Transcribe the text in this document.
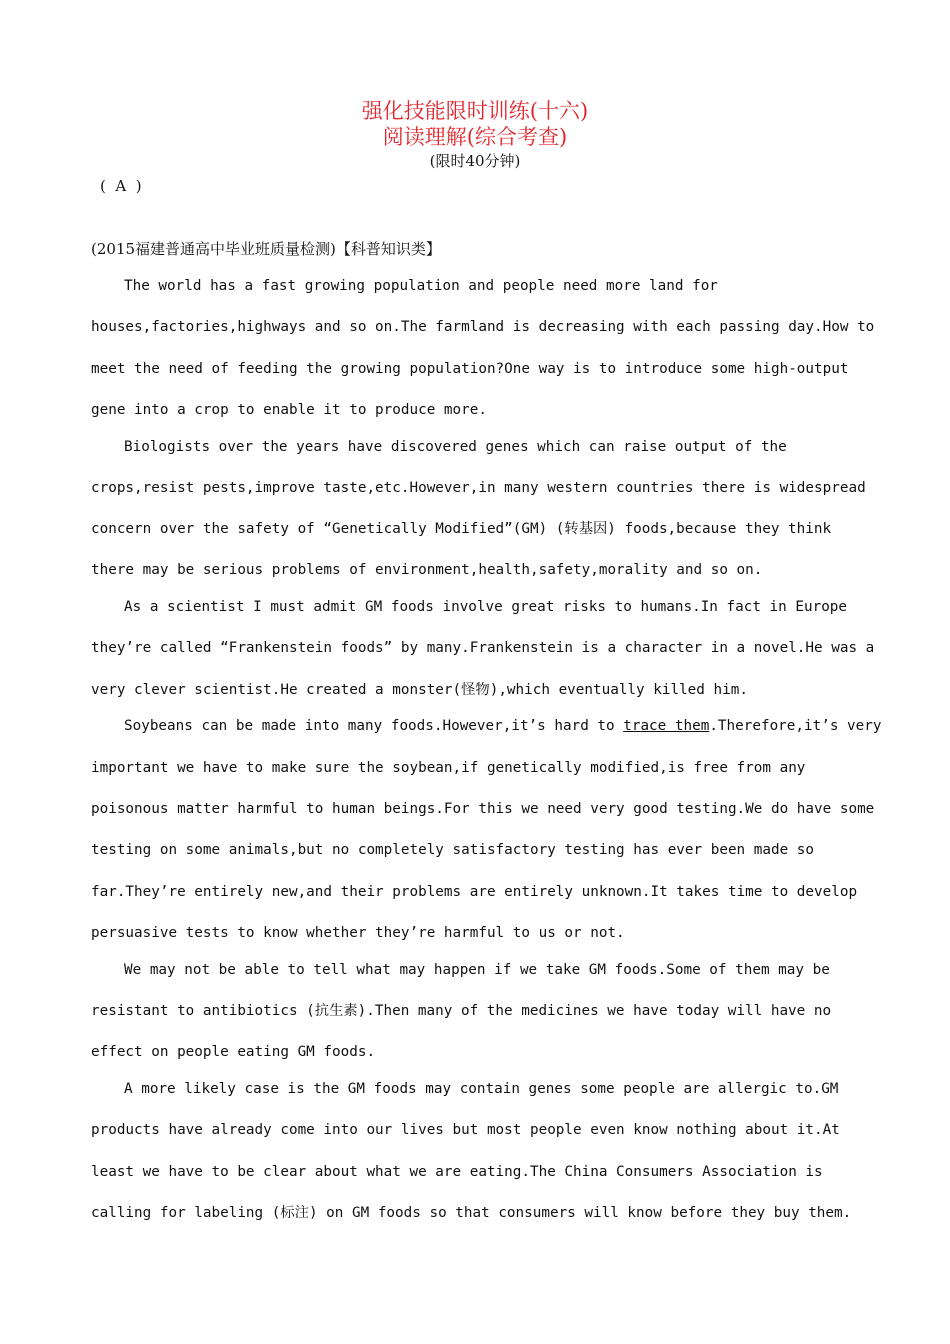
强化技能限时训练(十六)
阅读理解(综合考查)
(限时40分钟)
(  A  )
(2015福建普通高中毕业班质量检测)【科普知识类】
The world has a fast growing population and people need more land for
houses,factories,highways and so on.The farmland is decreasing with each passing day.How to
meet the need of feeding the growing population?One way is to introduce some high-output
gene into a crop to enable it to produce more.
Biologists over the years have discovered genes which can raise output of the
crops,resist pests,improve taste,etc.However,in many western countries there is widespread
concern over the safety of “Genetically Modified”(GM) (转基因) foods,because they think
there may be serious problems of environment,health,safety,morality and so on.
As a scientist I must admit GM foods involve great risks to humans.In fact in Europe
they’re called “Frankenstein foods” by many.Frankenstein is a character in a novel.He was a
very clever scientist.He created a monster(怪物),which eventually killed him.
Soybeans can be made into many foods.However,it’s hard to trace them.Therefore,it’s very
important we have to make sure the soybean,if genetically modified,is free from any
poisonous matter harmful to human beings.For this we need very good testing.We do have some
testing on some animals,but no completely satisfactory testing has ever been made so
far.They’re entirely new,and their problems are entirely unknown.It takes time to develop
persuasive tests to know whether they’re harmful to us or not.
We may not be able to tell what may happen if we take GM foods.Some of them may be
resistant to antibiotics (抗生素).Then many of the medicines we have today will have no
effect on people eating GM foods.
A more likely case is the GM foods may contain genes some people are allergic to.GM
products have already come into our lives but most people even know nothing about it.At
least we have to be clear about what we are eating.The China Consumers Association is
calling for labeling (标注) on GM foods so that consumers will know before they buy them.
